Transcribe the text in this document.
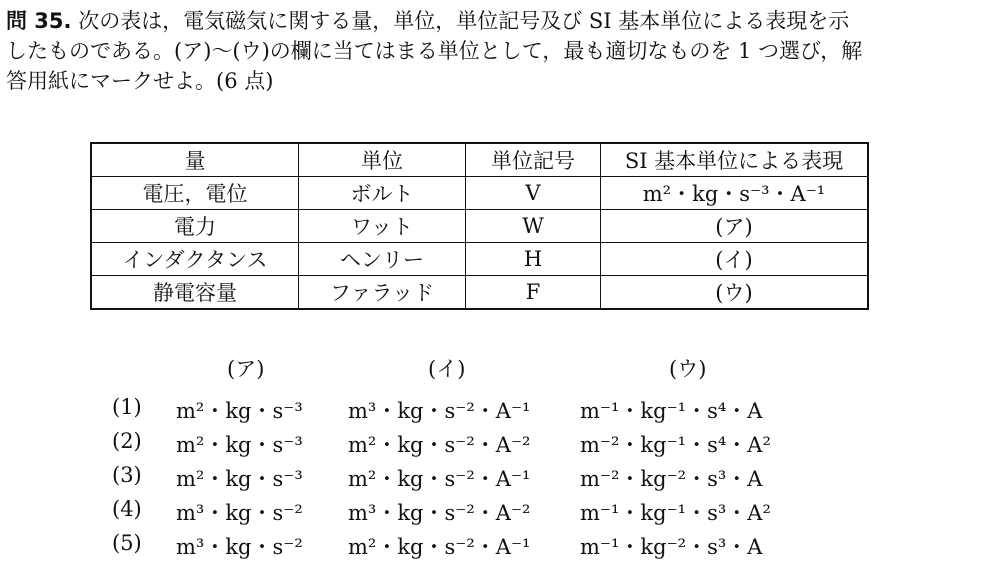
問 35. 次の表は，電気磁気に関する量，単位，単位記号及び SI 基本単位による表現を示
したものである。(ア)～(ウ)の欄に当てはまる単位として，最も適切なものを 1 つ選び，解
答用紙にマークせよ。(6 点)
量	単位	単位記号	SI 基本単位による表現
電圧，電位	ボルト	V	m²・kg・s⁻³・A⁻¹
電力	ワット	W	(ア)
インダクタンス	ヘンリー	H	(イ)
静電容量	ファラッド	F	(ウ)
(ア)	(イ)	(ウ)
(1) m²・kg・s⁻³ m³・kg・s⁻²・A⁻¹ m⁻¹・kg⁻¹・s⁴・A
(2) m²・kg・s⁻³ m²・kg・s⁻²・A⁻² m⁻²・kg⁻¹・s⁴・A²
(3) m²・kg・s⁻³ m²・kg・s⁻²・A⁻¹ m⁻²・kg⁻²・s³・A
(4) m³・kg・s⁻² m³・kg・s⁻²・A⁻² m⁻¹・kg⁻¹・s³・A²
(5) m³・kg・s⁻² m²・kg・s⁻²・A⁻¹ m⁻¹・kg⁻²・s³・A
